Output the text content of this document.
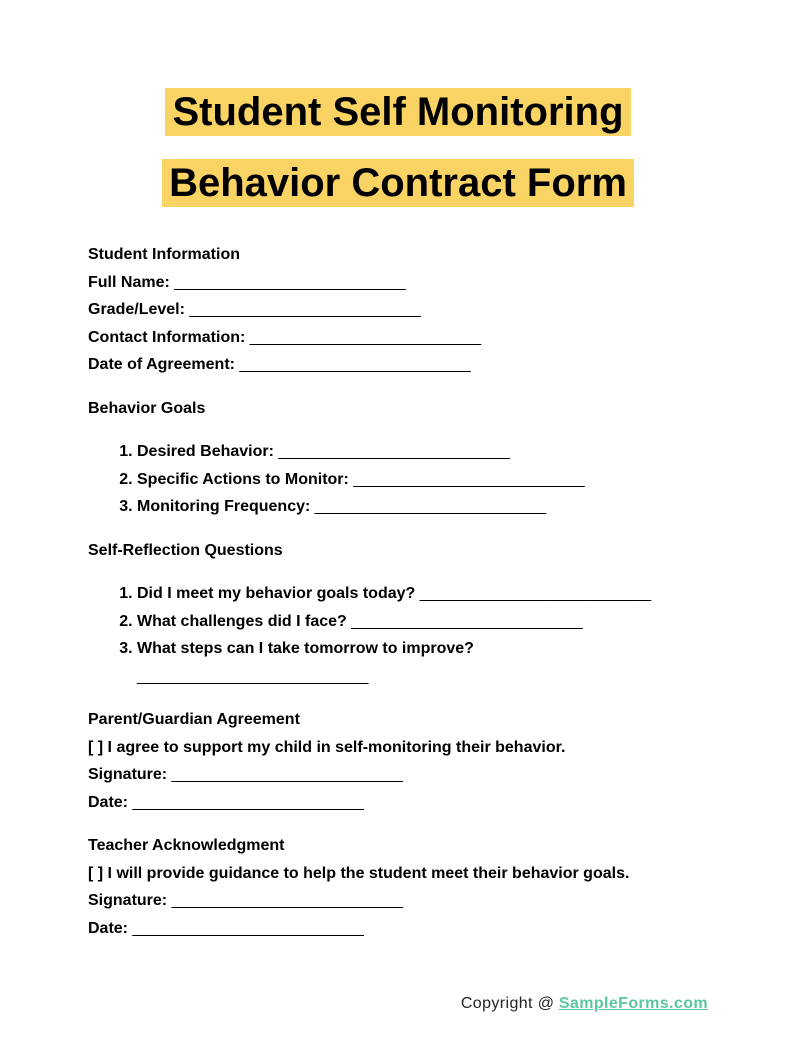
Student Self Monitoring
Behavior Contract Form

Student Information

Full Name: __________________________

Grade/Level: __________________________

Contact Information: __________________________

Date of Agreement: __________________________

Behavior Goals

1. Desired Behavior: __________________________
2. Specific Actions to Monitor: __________________________
3. Monitoring Frequency: __________________________

Self-Reflection Questions

1. Did I meet my behavior goals today? __________________________
2. What challenges did I face? __________________________
3. What steps can I take tomorrow to improve? __________________________

Parent/Guardian Agreement

[ ] I agree to support my child in self-monitoring their behavior.

Signature: __________________________

Date: __________________________

Teacher Acknowledgment

[ ] I will provide guidance to help the student meet their behavior goals.

Signature: __________________________

Date: __________________________

Copyright @ SampleForms.com
